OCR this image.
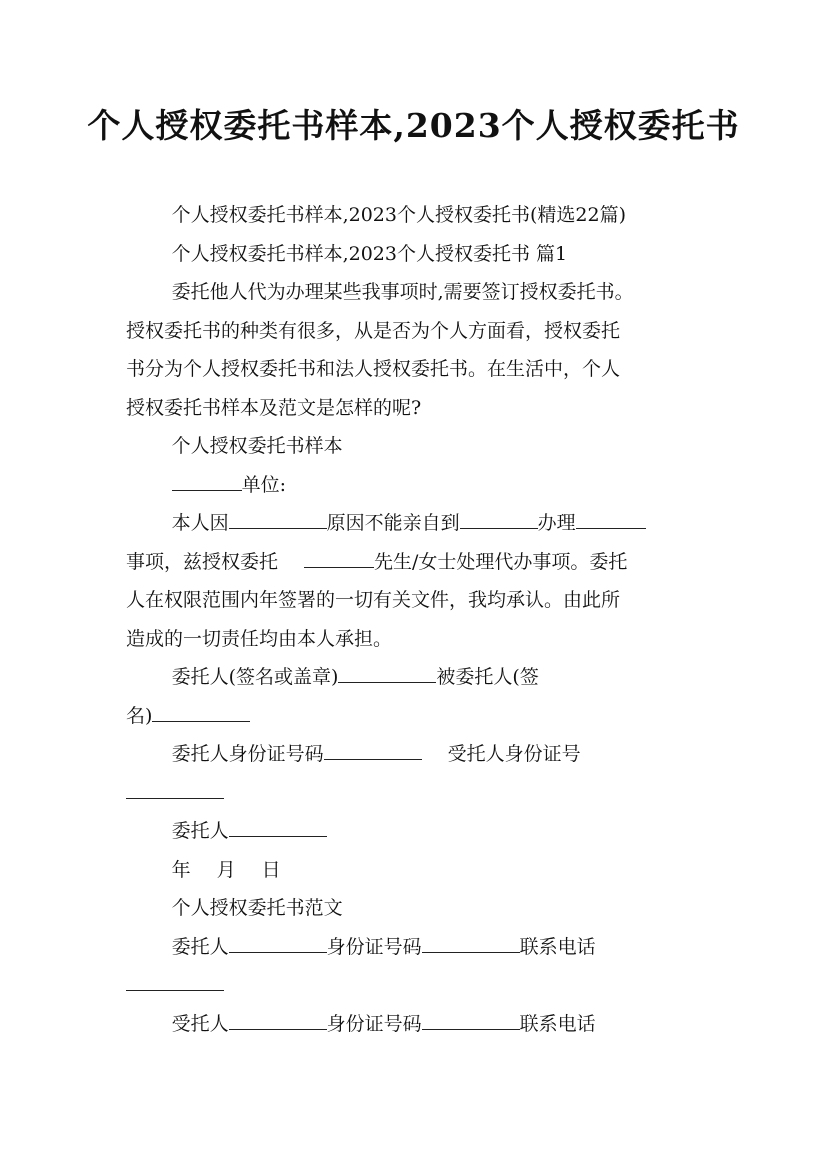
个人授权委托书样本,2023个人授权委托书

个人授权委托书样本,2023个人授权委托书(精选22篇)

个人授权委托书样本,2023个人授权委托书 篇1

委托他人代为办理某些我事项时,需要签订授权委托书。

授权委托书的种类有很多，从是否为个人方面看，授权委托

书分为个人授权委托书和法人授权委托书。在生活中，个人

授权委托书样本及范文是怎样的呢?

个人授权委托书样本

单位:

本人因	原因不能亲自到	办理

事项，兹授权委托	先生/女士处理代办事项。委托

人在权限范围内年签署的一切有关文件，我均承认。由此所

造成的一切责任均由本人承担。

委托人(签名或盖章)	被委托人(签

名)

委托人身份证号码	受托人身份证号

委托人

年 月 日

个人授权委托书范文

委托人	身份证号码	联系电话

受托人	身份证号码	联系电话
